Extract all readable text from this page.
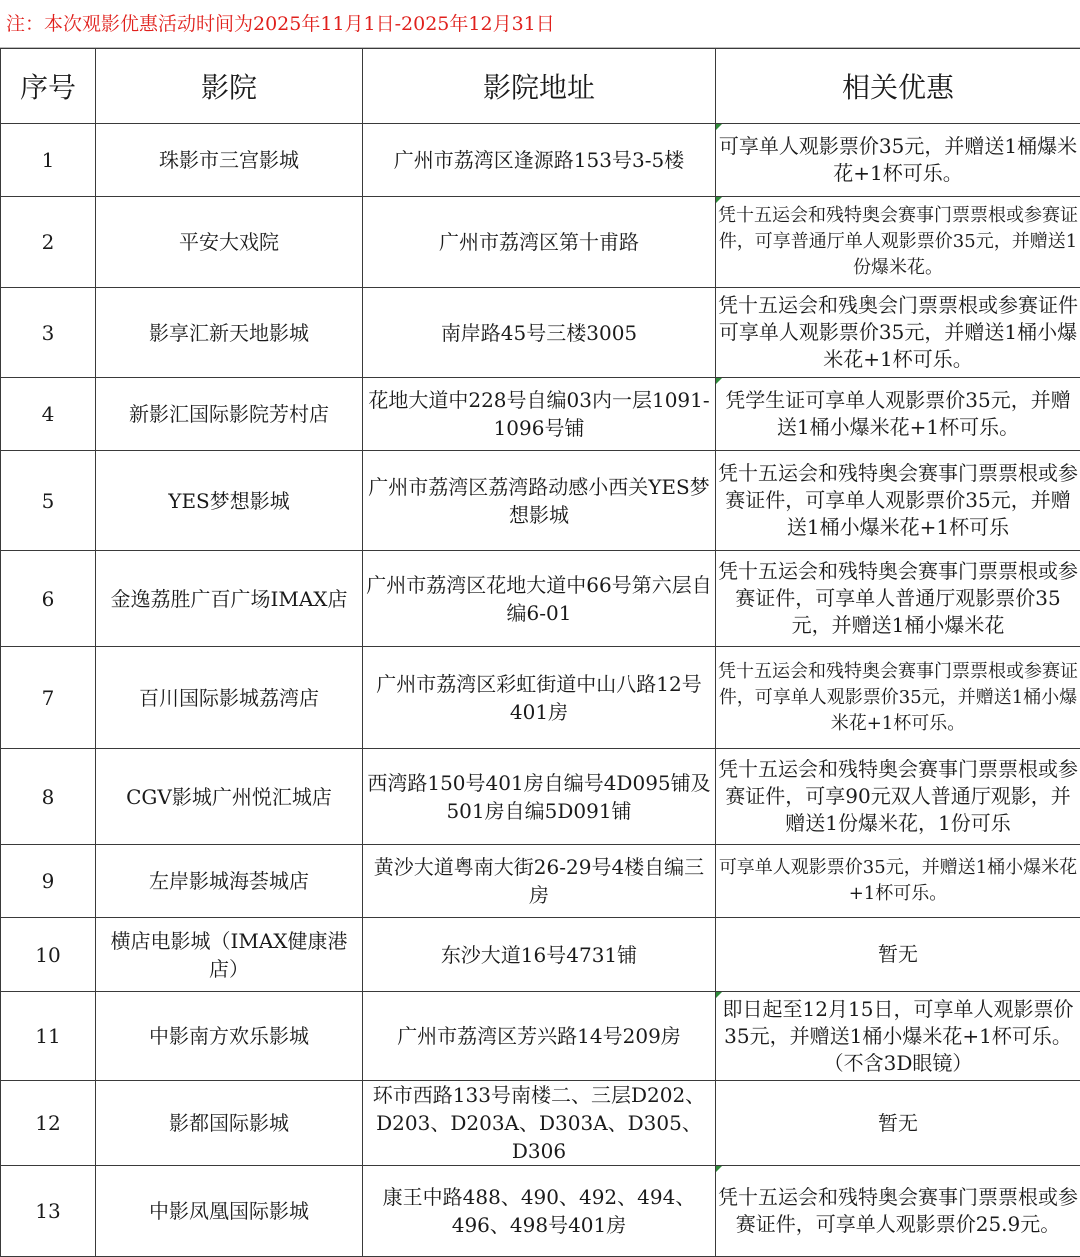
注：本次观影优惠活动时间为2025年11月1日-2025年12月31日
序号	影院	影院地址	相关优惠
1	珠影市三宫影城	广州市荔湾区逢源路153号3-5楼	可享单人观影票价35元，并赠送1桶爆米花+1杯可乐。
2	平安大戏院	广州市荔湾区第十甫路	凭十五运会和残特奥会赛事门票票根或参赛证件，可享普通厅单人观影票价35元，并赠送1份爆米花。
3	影享汇新天地影城	南岸路45号三楼3005	凭十五运会和残奥会门票票根或参赛证件可享单人观影票价35元，并赠送1桶小爆米花+1杯可乐。
4	新影汇国际影院芳村店	花地大道中228号自编03内一层1091-1096号铺	凭学生证可享单人观影票价35元，并赠送1桶小爆米花+1杯可乐。
5	YES梦想影城	广州市荔湾区荔湾路动感小西关YES梦想影城	凭十五运会和残特奥会赛事门票票根或参赛证件，可享单人观影票价35元，并赠送1桶小爆米花+1杯可乐
6	金逸荔胜广百广场IMAX店	广州市荔湾区花地大道中66号第六层自编6-01	凭十五运会和残特奥会赛事门票票根或参赛证件，可享单人普通厅观影票价35元，并赠送1桶小爆米花
7	百川国际影城荔湾店	广州市荔湾区彩虹街道中山八路12号401房	凭十五运会和残特奥会赛事门票票根或参赛证件，可享单人观影票价35元，并赠送1桶小爆米花+1杯可乐。
8	CGV影城广州悦汇城店	西湾路150号401房自编号4D095铺及501房自编5D091铺	凭十五运会和残特奥会赛事门票票根或参赛证件，可享90元双人普通厅观影，并赠送1份爆米花，1份可乐
9	左岸影城海荟城店	黄沙大道粤南大街26-29号4楼自编三房	可享单人观影票价35元，并赠送1桶小爆米花+1杯可乐。
10	横店电影城（IMAX健康港店）	东沙大道16号4731铺	暂无
11	中影南方欢乐影城	广州市荔湾区芳兴路14号209房	即日起至12月15日，可享单人观影票价35元，并赠送1桶小爆米花+1杯可乐。（不含3D眼镜）
12	影都国际影城	环市西路133号南楼二、三层D202、D203、D203A、D303A、D305、D306	暂无
13	中影凤凰国际影城	康王中路488、490、492、494、496、498号401房	凭十五运会和残特奥会赛事门票票根或参赛证件，可享单人观影票价25.9元。
